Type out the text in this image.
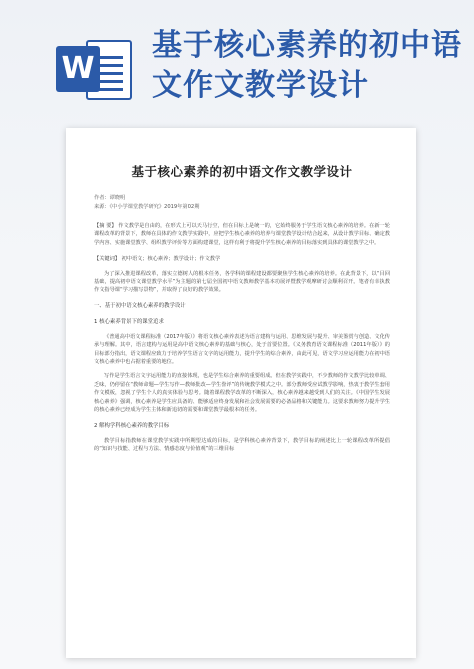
W
基于核心素养的初中语文作文教学设计
基于核心素养的初中语文作文教学设计
作者：谭晓明
来源：《中小学课堂教学研究》2019年第02期
【摘 要】 作文教学是自由的，在形式上可以天马行空，但在目标上是统一的，它始终服务于学生语文核心素养的培养。在新一轮课程改革的背景下，教师在具体的作文教学实践中，应把学生核心素养的培养与课堂教学设计结合起来，从设计教学目标、确定教学内容、实施课堂教学、组织教学评价等方面构建课堂，这样有利于将提升学生核心素养的目标落实到具体的课堂教学之中。
【关键词】 初中语文；核心素养；教学设计；作文教学
为了深入推进课程改革，落实立德树人的根本任务，各学科的课程建设都要聚焦学生核心素养的培养。在此背景下，以“目回基础，提高初中语文课堂教学水平”为主题的第七届全国初中语文教师教学基本功展评暨教学观摩研讨会顺利召开。笔者有幸执教作文指导课“学习描写景物”，并取得了良好的教学效果。
一、基于初中语文核心素养的教学设计
1 核心素养背景下的课堂追求
《普通高中语文课程标准（2017年版）》将语文核心素养表述为语言建构与运用、思维发展与提升、审美鉴赏与创造、文化传承与理解。其中，语言建构与运用是高中语文核心素养的基础与核心，处于首要位置。《义务教育语文课程标准（2011年版）》的目标部分指出，语文课程应致力于培养学生语言文字的运用能力，提升学生的综合素养，由此可见，语文学习应运用能力在初中语文核心素养中也占据着重要的地位。
写作是学生语言文字运用能力的直接体现，也是学生综合素养的重要组成。但在教学实践中，不少教师的作文教学比较单调、乏味，仍停留在“教师命题—学生写作—教师批改—学生誊评”的传统教学模式之中。部分教师受应试教学影响，热衷于教学生套用作文模板，忽视了学生个人的真实体验与思考。随着课程教学改革的不断深入，核心素养越来越受到人们的关注。《中国学生发展核心素养》强调，核心素养是学生应具备的、能够适应终身发展和社会发展需要的必备品格和关键能力。这要求教师努力提升学生的核心素养已经成为学生主体和新追切的需要和课堂教学最根本的任务。
2 解构学科核心素养的教学目标
教学目标指教师在课堂教学实践中所期望达成的目标，是学科核心素养背景下，教学目标的阐述比上一轮课程改革所提倡的“知识与技能、过程与方法、情感态度与价值观”的三维目标
